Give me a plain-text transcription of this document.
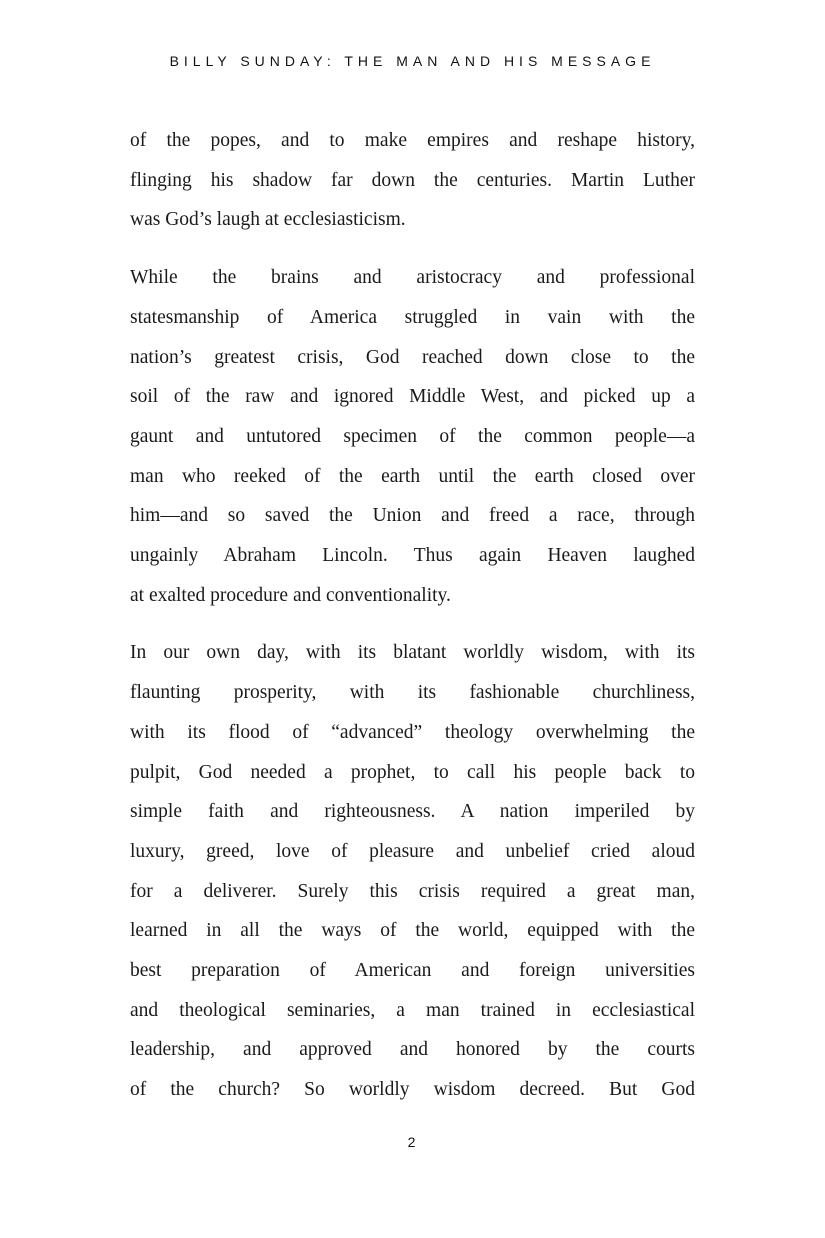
BILLY SUNDAY: THE MAN AND HIS MESSAGE
of the popes, and to make empires and reshape history,
flinging his shadow far down the centuries. Martin Luther
was God’s laugh at ecclesiasticism.
While the brains and aristocracy and professional
statesmanship of America struggled in vain with the
nation’s greatest crisis, God reached down close to the
soil of the raw and ignored Middle West, and picked up a
gaunt and untutored specimen of the common people—a
man who reeked of the earth until the earth closed over
him—and so saved the Union and freed a race, through
ungainly Abraham Lincoln. Thus again Heaven laughed
at exalted procedure and conventionality.
In our own day, with its blatant worldly wisdom, with its
flaunting prosperity, with its fashionable churchliness,
with its flood of “advanced” theology overwhelming the
pulpit, God needed a prophet, to call his people back to
simple faith and righteousness. A nation imperiled by
luxury, greed, love of pleasure and unbelief cried aloud
for a deliverer. Surely this crisis required a great man,
learned in all the ways of the world, equipped with the
best preparation of American and foreign universities
and theological seminaries, a man trained in ecclesiastical
leadership, and approved and honored by the courts
of the church? So worldly wisdom decreed. But God
2
